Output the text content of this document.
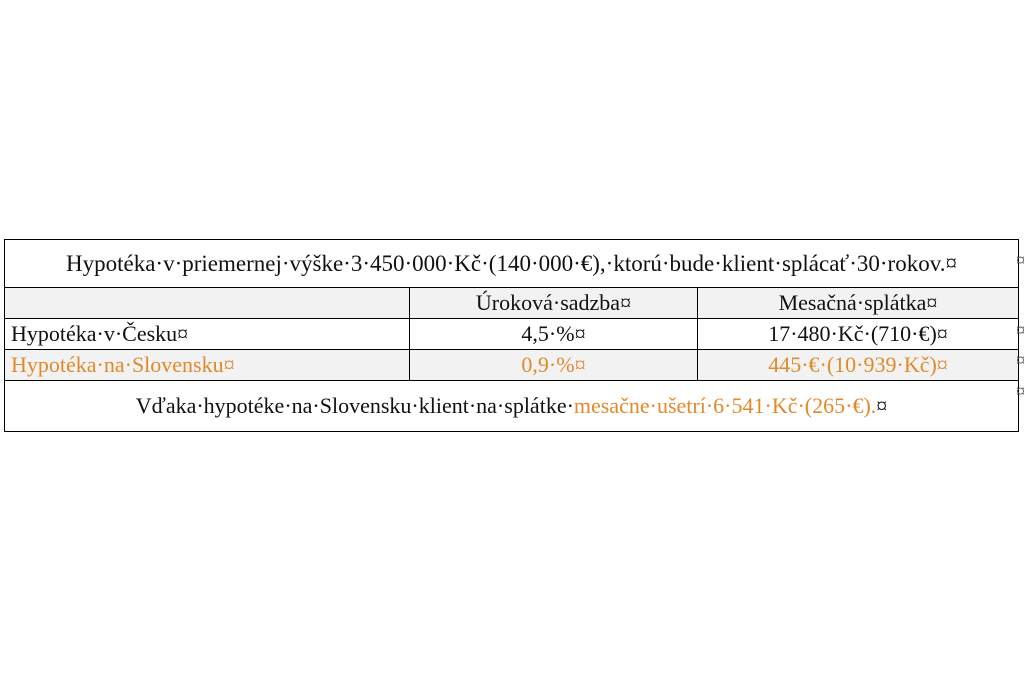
Hypotéka·v·priemernej·výške·3·450·000·Kč·(140·000·€),·ktorú·bude·klient·splácať·30·rokov.¤		
	Úroková·sadzba¤	Mesačná·splátka¤
Hypotéka·v·Česku¤	4,5·%¤	17·480·Kč·(710·€)¤
Hypotéka·na·Slovensku¤	0,9·%¤	445·€·(10·939·Kč)¤
Vďaka·hypotéke·na·Slovensku·klient·na·splátke·mesačne·ušetrí·6·541·Kč·(265·€).¤		
¤
¤
¤
¤
